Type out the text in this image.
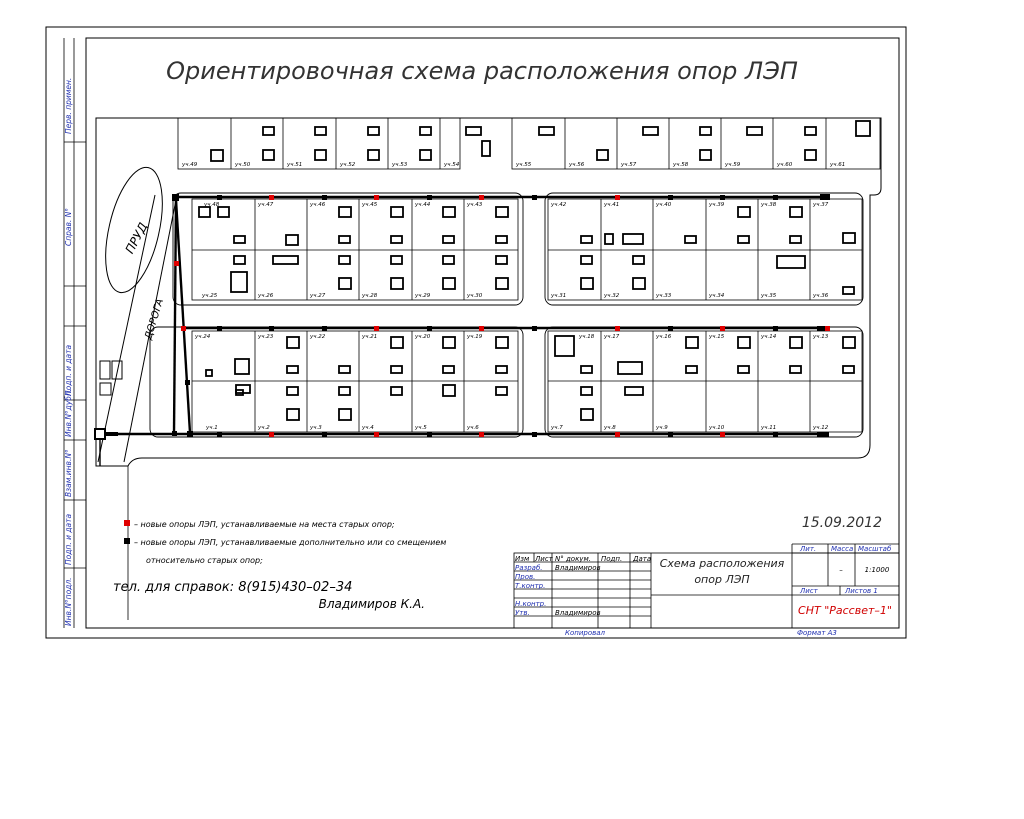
Перв. примен.
Справ. N°
Подп. и дата
Инв.N°дубл.
Взам.инв.N°
Подп. и дата
Инв.N°подл.
Ориентировочная схема расположения опор ЛЭП
ПРУД
ДОРОГА
уч.49	уч.50	уч.51	уч.52	уч.53	уч.54	уч.55	уч.56	уч.57	уч.58	уч.59	уч.60	уч.61
уч.48	уч.47	уч.46	уч.45	уч.44	уч.43
уч.25	уч.26	уч.27	уч.28	уч.29	уч.30
уч.42	уч.41	уч.40	уч.39	уч.38	уч.37
уч.31	уч.32	уч.33	уч.34	уч.35	уч.36
уч.24	уч.23	уч.22	уч.21	уч.20	уч.19
уч.1	уч.2	уч.3	уч.4	уч.5	уч.6
уч.18 уч.17	уч.16	уч.15	уч.14	уч.13
уч.7	уч.8	уч.9	уч.10	уч.11	уч.12
– новые опоры ЛЭП, устанавливаемые на места старых опор;
– новые опоры ЛЭП, устанавливаемые дополнительно или со смещением
относительно старых опор;
тел. для справок: 8(915)430–02–34
Владимиров К.А.
15.09.2012
Изм Лист N° докум. Подп. Дата
Разраб. Владимиров
Пров.
Т.контр.
Н.контр.
Утв.	Владимиров
Схема расположения
опор ЛЭП
Лит. Масса Масштаб
–	1:1000
Лист	Листов 1
СНТ "Рассвет–1"
Копировал	Формат А3
